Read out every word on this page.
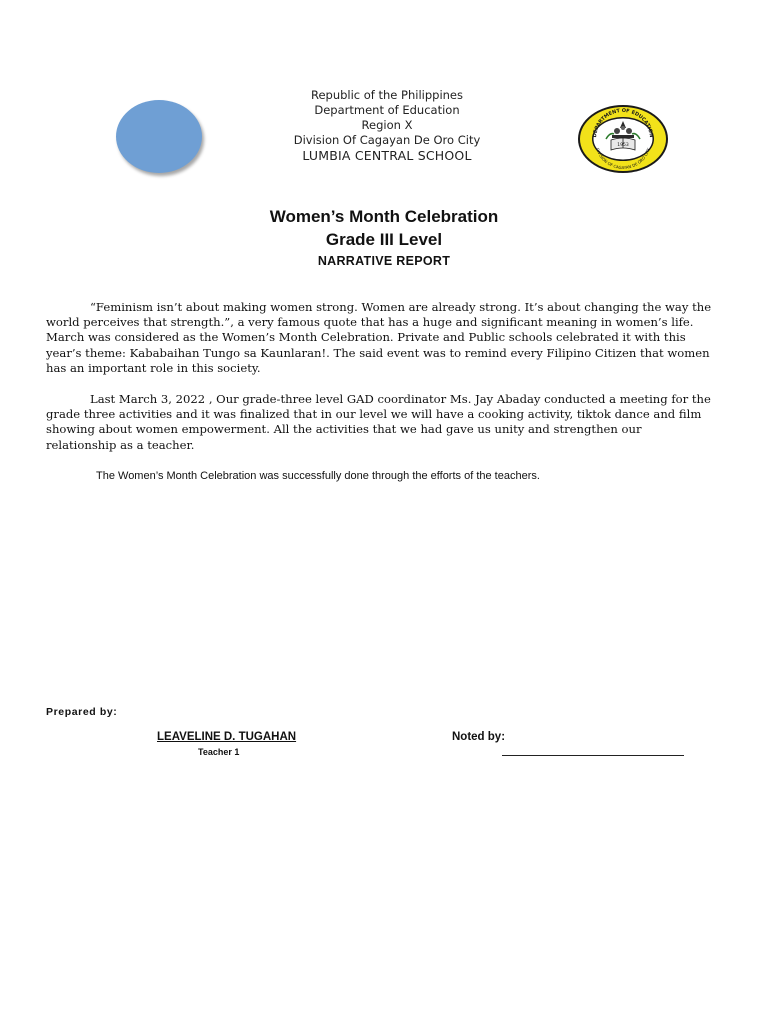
Republic of the Philippines
Department of Education
Region X
Division Of Cagayan De Oro City
LUMBIA CENTRAL SCHOOL
DEPARTMENT OF EDUCATION
DIVISION OF CAGAYAN DE ORO CITY
1953
Women’s Month Celebration
Grade III Level
NARRATIVE REPORT
“Feminism isn’t about making women strong. Women are already strong. It’s about changing the way the world perceives that strength.”, a very famous quote that has a huge and significant meaning in women’s life. March was considered as the Women’s Month Celebration. Private and Public schools celebrated it with this year’s theme: Kababaihan Tungo sa Kaunlaran!. The said event was to remind every Filipino Citizen that women has an important role in this society.
Last March 3, 2022 , Our grade-three level GAD coordinator Ms. Jay Abaday conducted a meeting for the grade three activities and it was finalized that in our level we will have a cooking activity, tiktok dance and film showing about women empowerment. All the activities that we had gave us unity and strengthen our relationship as a teacher.
The Women’s Month Celebration was successfully done through the efforts of the teachers.
Prepared by:
LEAVELINE D. TUGAHAN
Teacher 1
Noted by:
